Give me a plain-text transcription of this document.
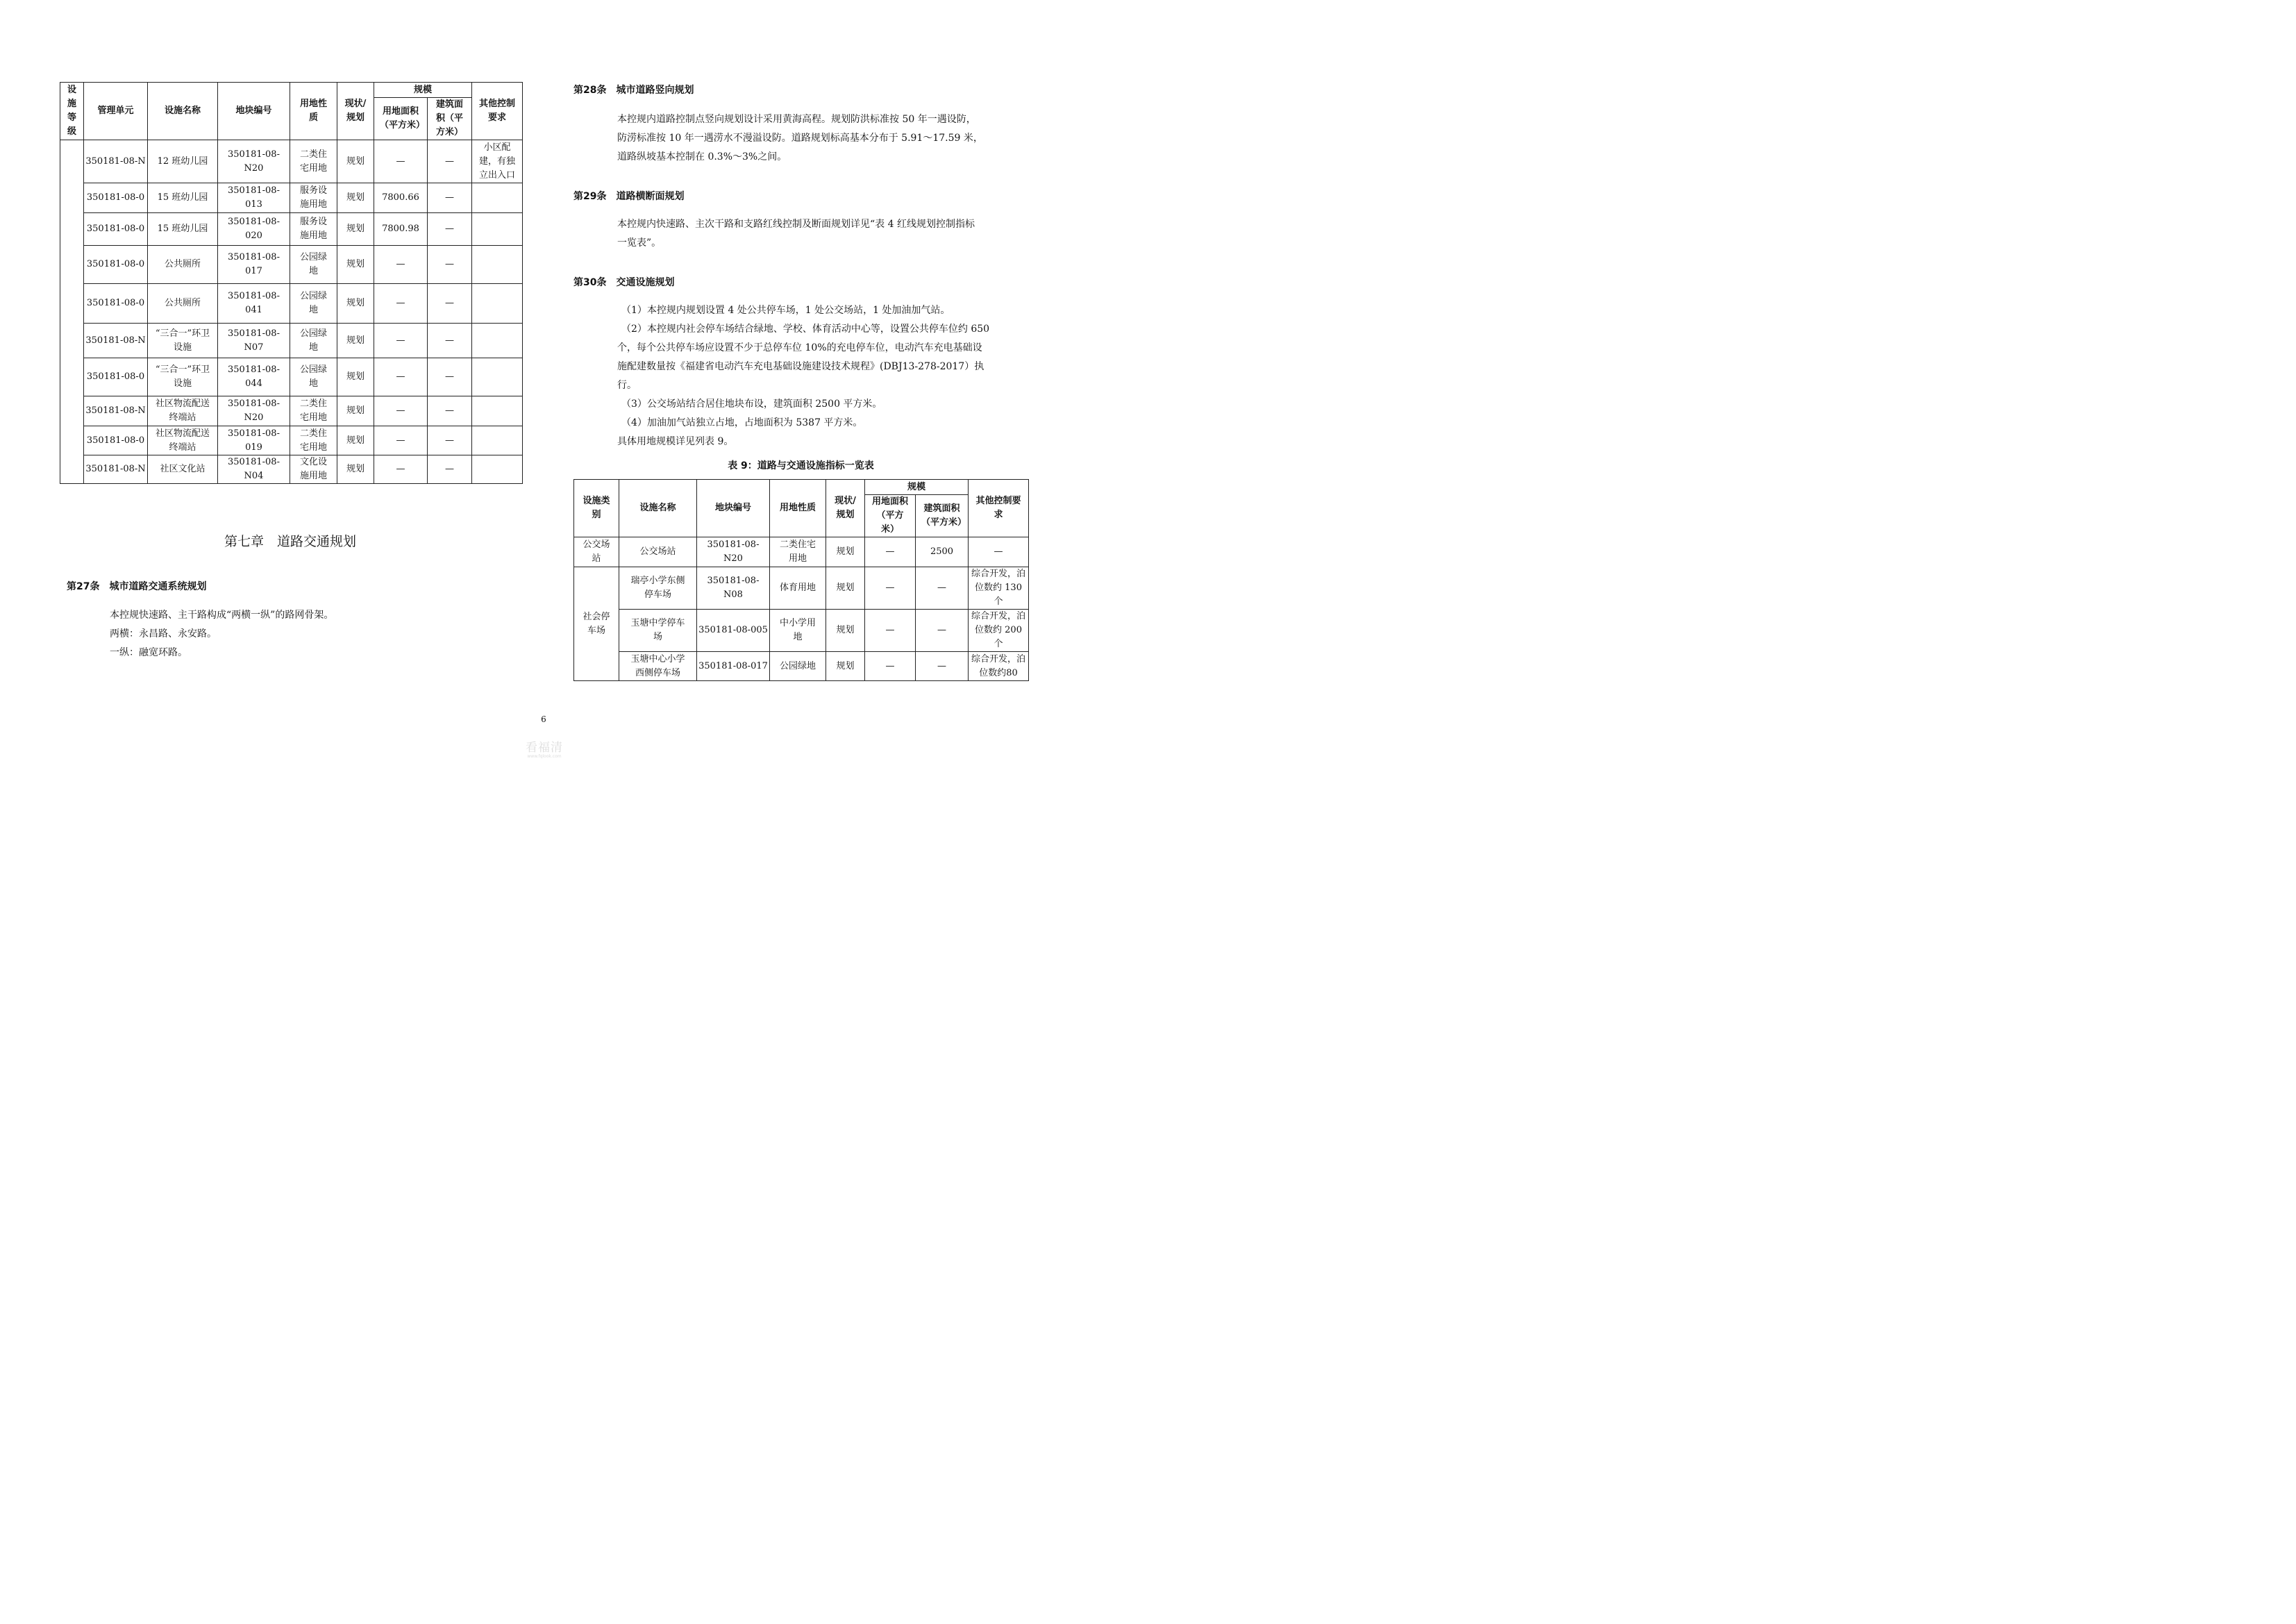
设施等级	管理单元	设施名称	地块编号	用地性质	现状/规划	规模		其他控制要求
						用地面积（平方米）	建筑面积（平方米）	
	350181-08-N	12 班幼儿园	350181-08-N20	二类住宅用地	规划	—	—	小区配建，有独立出入口
	350181-08-0	15 班幼儿园	350181-08-013	服务设施用地	规划	7800.66	—	
	350181-08-0	15 班幼儿园	350181-08-020	服务设施用地	规划	7800.98	—	
	350181-08-0	公共厕所	350181-08-017	公园绿地	规划	—	—	
	350181-08-0	公共厕所	350181-08-041	公园绿地	规划	—	—	
	350181-08-N	“三合一”环卫设施	350181-08-N07	公园绿地	规划	—	—	
	350181-08-0	“三合一”环卫设施	350181-08-044	公园绿地	规划	—	—	
	350181-08-N	社区物流配送终端站	350181-08-N20	二类住宅用地	规划	—	—	
	350181-08-0	社区物流配送终端站	350181-08-019	二类住宅用地	规划	—	—	
	350181-08-N	社区文化站	350181-08-N04	文化设施用地	规划	—	—	
第七章　道路交通规划
第27条　城市道路交通系统规划
本控规快速路、主干路构成“两横一纵”的路网骨架。
两横：永昌路、永安路。
一纵：融宽环路。
第28条　城市道路竖向规划
本控规内道路控制点竖向规划设计采用黄海高程。规划防洪标准按 50 年一遇设防，
防涝标准按 10 年一遇涝水不漫溢设防。道路规划标高基本分布于 5.91～17.59 米，
道路纵坡基本控制在 0.3%～3%之间。
第29条　道路横断面规划
本控规内快速路、主次干路和支路红线控制及断面规划详见“表 4 红线规划控制指标
一览表”。
第30条　交通设施规划
（1）本控规内规划设置 4 处公共停车场，1 处公交场站，1 处加油加气站。
（2）本控规内社会停车场结合绿地、学校、体育活动中心等，设置公共停车位约 650
个，每个公共停车场应设置不少于总停车位 10%的充电停车位，电动汽车充电基础设
施配建数量按《福建省电动汽车充电基础设施建设技术规程》(DBJ13-278-2017）执
行。
（3）公交场站结合居住地块布设，建筑面积 2500 平方米。
（4）加油加气站独立占地，占地面积为 5387 平方米。
具体用地规模详见列表 9。
表 9：道路与交通设施指标一览表
设施类别	设施名称	地块编号	用地性质	现状/规划	规模		其他控制要求
					用地面积（平方米）	建筑面积（平方米）	
公交场站	公交场站	350181-08-N20	二类住宅用地	规划	—	2500	—
社会停车场	瑞亭小学东侧停车场	350181-08-N08	体育用地	规划	—	—	综合开发，泊位数约 130 个
	玉塘中学停车场	350181-08-005	中小学用地	规划	—	—	综合开发，泊位数约 200 个
	玉塘中心小学西侧停车场	350181-08-017	公园绿地	规划	—	—	综合开发，泊位数约80
6
看福清
www.fqlook.com
